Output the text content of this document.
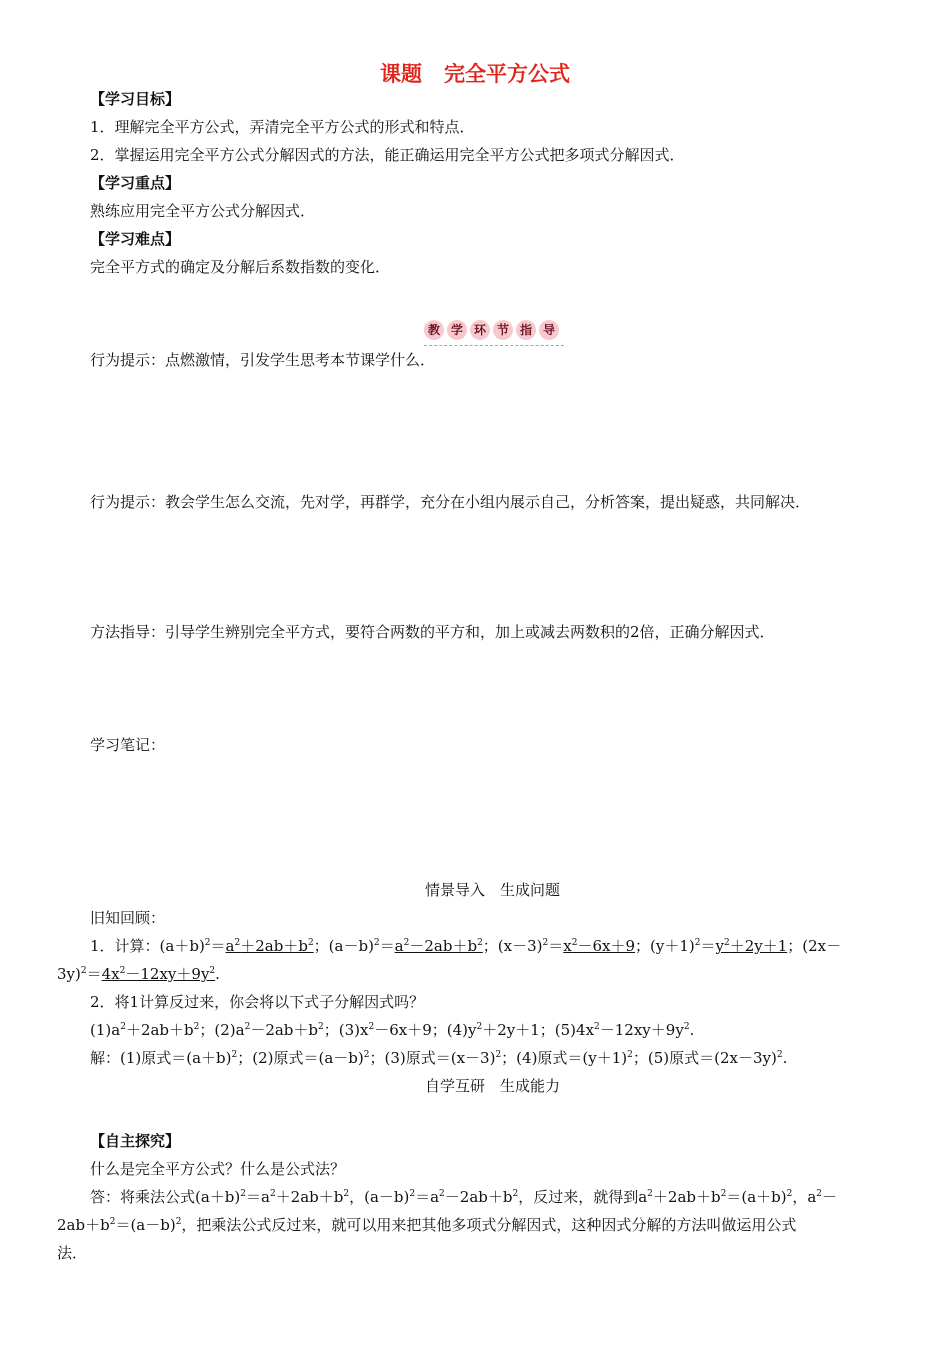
课题 完全平方公式
【学习目标】
1．理解完全平方公式，弄清完全平方公式的形式和特点．
2．掌握运用完全平方公式分解因式的方法，能正确运用完全平方公式把多项式分解因式．
【学习重点】
熟练应用完全平方公式分解因式．
【学习难点】
完全平方式的确定及分解后系数指数的变化．
教 学 环 节 指 导
行为提示：点燃激情，引发学生思考本节课学什么．
行为提示：教会学生怎么交流，先对学，再群学，充分在小组内展示自己，分析答案，提出疑惑，共同解决．
方法指导：引导学生辨别完全平方式，要符合两数的平方和，加上或减去两数积的2倍，正确分解因式．
学习笔记：
情景导入　生成问题
旧知回顾：
1．计算：$(a+b)^2=a^2+2ab+b^2$；$(a-b)^2=a^2-2ab+b^2$；$(x-3)^2=x^2-6x+9$；$(y+1)^2=y^2+2y+1$；(2x－
$3y)^2=4x^2-12xy+9y^2$.
2．将1计算反过来，你会将以下式子分解因式吗？
$(1)a^2+2ab+b^2$；$(2)a^2-2ab+b^2$；$(3)x^2-6x+9$；$(4)y^2+2y+1$；$(5)4x^2-12xy+9y^2$.
解：(1)原式$=(a+b)^2$；(2)原式$=(a-b)^2$；(3)原式$=(x-3)^2$；(4)原式$=(y+1)^2$；(5)原式$=(2x-3y)^2$.
自学互研　生成能力
【自主探究】
什么是完全平方公式？什么是公式法？
答：将乘法公式$(a+b)^2=a^2+2ab+b^2$，$(a-b)^2=a^2-2ab+b^2$，反过来，就得到$a^2+2ab+b^2=(a+b)^2$，$a^2-$
$2ab+b^2=(a-b)^2$，把乘法公式反过来，就可以用来把其他多项式分解因式，这种因式分解的方法叫做运用公式
法．
